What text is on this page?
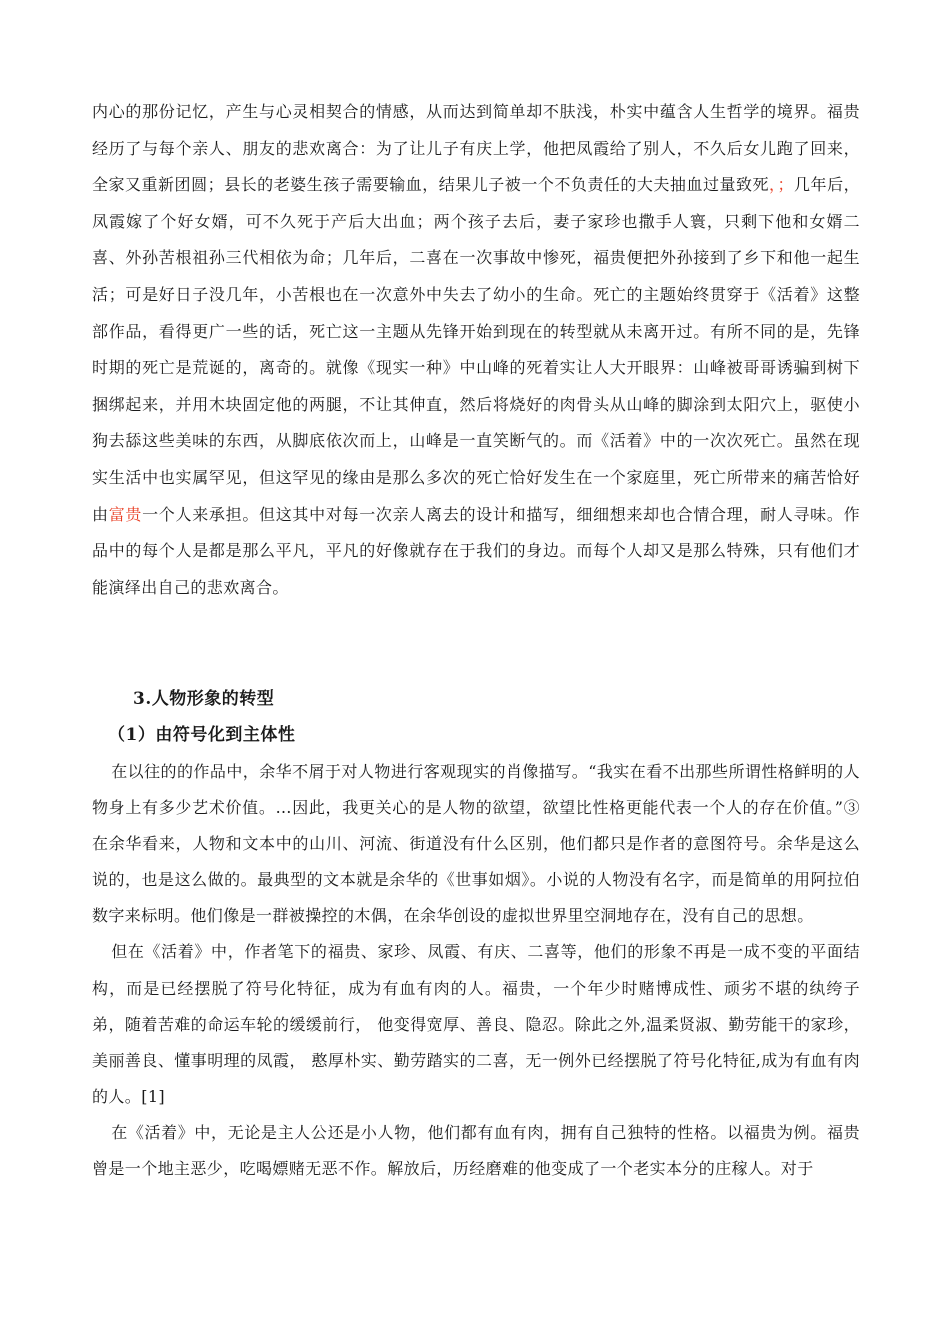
内心的那份记忆，产生与心灵相契合的情感，从而达到简单却不肤浅，朴实中蕴含人生哲学的境界。福贵经历了与每个亲人、朋友的悲欢离合：为了让儿子有庆上学，他把凤霞给了别人，不久后女儿跑了回来，全家又重新团圆；县长的老婆生孩子需要输血，结果儿子被一个不负责任的大夫抽血过量致死，；几年后，凤霞嫁了个好女婿，可不久死于产后大出血；两个孩子去后，妻子家珍也撒手人寰，只剩下他和女婿二喜、外孙苦根祖孙三代相依为命；几年后，二喜在一次事故中惨死，福贵便把外孙接到了乡下和他一起生活；可是好日子没几年，小苦根也在一次意外中失去了幼小的生命。死亡的主题始终贯穿于《活着》这整部作品，看得更广一些的话，死亡这一主题从先锋开始到现在的转型就从未离开过。有所不同的是，先锋时期的死亡是荒诞的，离奇的。就像《现实一种》中山峰的死着实让人大开眼界：山峰被哥哥诱骗到树下捆绑起来，并用木块固定他的两腿，不让其伸直，然后将烧好的肉骨头从山峰的脚涂到太阳穴上，驱使小狗去舔这些美味的东西，从脚底依次而上，山峰是一直笑断气的。而《活着》中的一次次死亡。虽然在现实生活中也实属罕见，但这罕见的缘由是那么多次的死亡恰好发生在一个家庭里，死亡所带来的痛苦恰好由富贵一个人来承担。但这其中对每一次亲人离去的设计和描写，细细想来却也合情合理，耐人寻味。作品中的每个人是都是那么平凡，平凡的好像就存在于我们的身边。而每个人却又是那么特殊，只有他们才能演绎出自己的悲欢离合。

3.人物形象的转型
（1）由符号化到主体性

在以往的的作品中，余华不屑于对人物进行客观现实的肖像描写。“我实在看不出那些所谓性格鲜明的人物身上有多少艺术价值。…因此，我更关心的是人物的欲望，欲望比性格更能代表一个人的存在价值。”③在余华看来，人物和文本中的山川、河流、街道没有什么区别，他们都只是作者的意图符号。余华是这么说的，也是这么做的。最典型的文本就是余华的《世事如烟》。小说的人物没有名字，而是简单的用阿拉伯数字来标明。他们像是一群被操控的木偶，在余华创设的虚拟世界里空洞地存在，没有自己的思想。

但在《活着》中，作者笔下的福贵、家珍、凤霞、有庆、二喜等，他们的形象不再是一成不变的平面结构，而是已经摆脱了符号化特征，成为有血有肉的人。福贵，一个年少时赌博成性、顽劣不堪的纨绔子弟，随着苦难的命运车轮的缓缓前行， 他变得宽厚、善良、隐忍。除此之外,温柔贤淑、勤劳能干的家珍， 美丽善良、懂事明理的凤霞， 憨厚朴实、勤劳踏实的二喜，无一例外已经摆脱了符号化特征,成为有血有肉的人。[1]

在《活着》中，无论是主人公还是小人物，他们都有血有肉，拥有自己独特的性格。以福贵为例。福贵曾是一个地主恶少，吃喝嫖赌无恶不作。解放后，历经磨难的他变成了一个老实本分的庄稼人。对于
